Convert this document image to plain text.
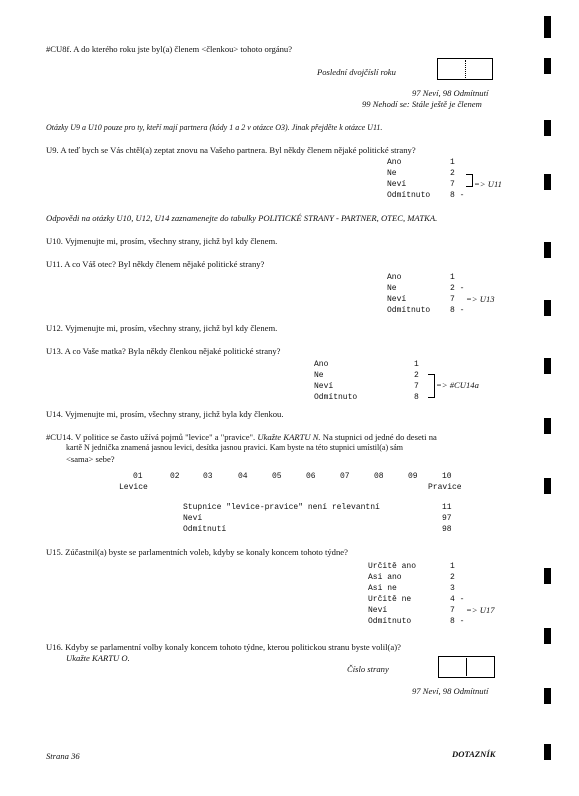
#CU8f. A do kterého roku jste byl(a) členem <členkou> tohoto orgánu?
Poslední dvojčíslí roku
97 Neví, 98 Odmítnutí
99 Nehodí se: Stále ještě je členem
Otázky U9 a U10 pouze pro ty, kteří mají partnera (kódy 1 a 2 v otázce O3). Jinak přejděte k otázce U11.
U9. A teď bych se Vás chtěl(a) zeptat znovu na Vašeho partnera. Byl někdy členem nějaké politické strany?
Ano	1
Ne	2
Neví	7
Odmítnuto 8 -
=> U11
Odpovědi na otázky U10, U12, U14 zaznamenejte do tabulky POLITICKÉ STRANY - PARTNER, OTEC, MATKA.
U10. Vyjmenujte mi, prosím, všechny strany, jichž byl kdy členem.
U11. A co Váš otec? Byl někdy členem nějaké politické strany?
Ano	1
Ne	2 -
Neví	7
Odmítnuto 8 -
=> U13
U12. Vyjmenujte mi, prosím, všechny strany, jichž byl kdy členem.
U13. A co Vaše matka? Byla někdy členkou nějaké politické strany?
Ano	1
Ne	2
Neví	7
Odmítnuto	8
=> #CU14a
U14. Vyjmenujte mi, prosím, všechny strany, jichž byla kdy členkou.
#CU14. V politice se často užívá pojmů "levice" a "pravice". Ukažte KARTU N. Na stupnici od jedné do deseti na
kartě N jednička znamená jasnou levici, desítka jasnou pravici. Kam byste na této stupnici umístil(a) sám
<sama> sebe?
01	02	03	04	05	06	07	08	09	10
Levice	Pravice
Stupnice "levice-pravice" není relevantní	11
Neví	97
Odmítnutí	98
U15. Zúčastnil(a) byste se parlamentních voleb, kdyby se konaly koncem tohoto týdne?
Určitě ano	1
Asi ano	2
Asi ne	3
Určitě ne	4 -
Neví	7
Odmítnuto	8 -
=> U17
U16. Kdyby se parlamentní volby konaly koncem tohoto týdne, kterou politickou stranu byste volil(a)?
Ukažte KARTU O.
Číslo strany
97 Neví, 98 Odmítnutí
Strana 36	DOTAZNÍK
